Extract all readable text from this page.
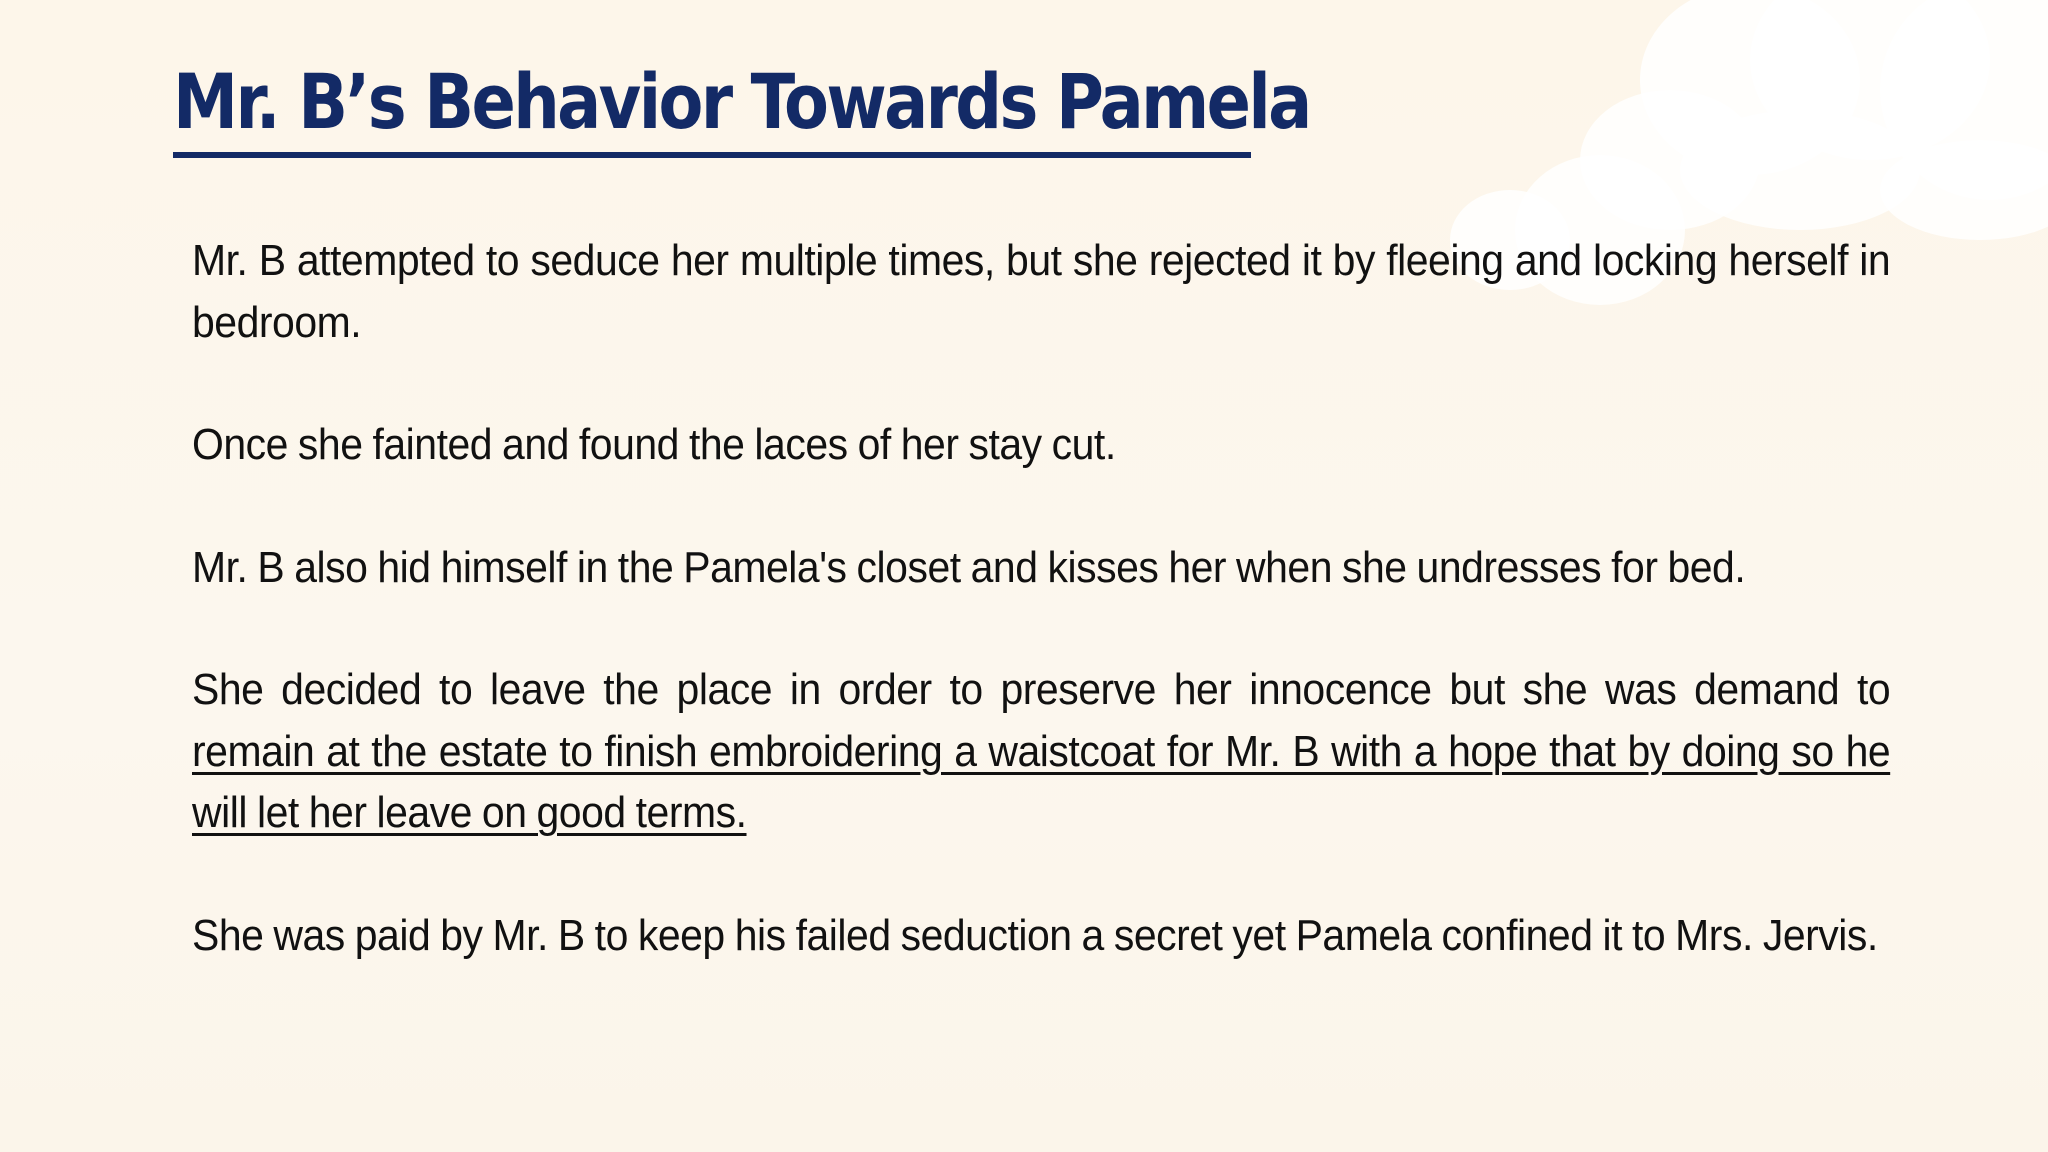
Mr. B’s Behavior Towards Pamela

Mr. B attempted to seduce her multiple times, but she rejected it by fleeing and locking herself in bedroom.

Once she fainted and found the laces of her stay cut.

Mr. B also hid himself in the Pamela's closet and kisses her when she undresses for bed.

She decided to leave the place in order to preserve her innocence but she was demand to remain at the estate to finish embroidering a waistcoat for Mr. B with a hope that by doing so he will let her leave on good terms.

She was paid by Mr. B to keep his failed seduction a secret yet Pamela confined it to Mrs. Jervis.
